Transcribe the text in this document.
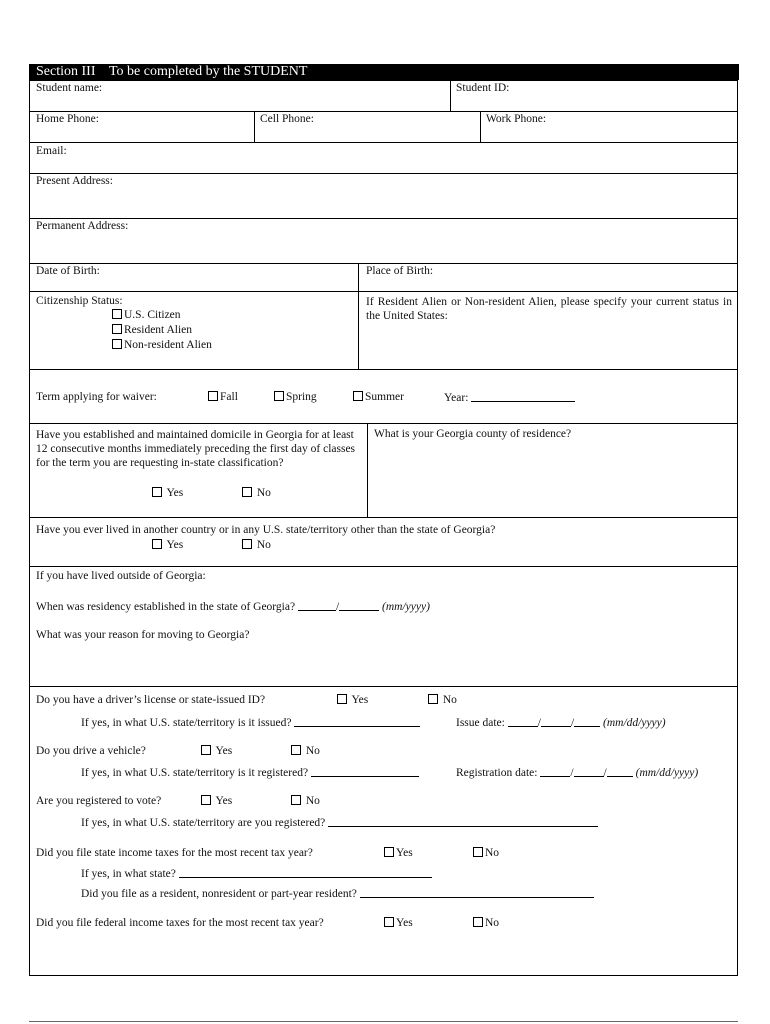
Section III To be completed by the STUDENT
Student name:	Student ID:
Home Phone:	Cell Phone:	Work Phone:
Email:
Present Address:
Permanent Address:
Date of Birth:	Place of Birth:
Citizenship Status:
U.S. Citizen
Resident Alien
Non-resident Alien
If Resident Alien or Non-resident Alien, please specify your current status in the United States:
Term applying for waiver:	Fall	Spring	Summer	Year:
Have you established and maintained domicile in Georgia for at least 12 consecutive months immediately preceding the first day of classes for the term you are requesting in-state classification?
Yes	No
What is your Georgia county of residence?
Have you ever lived in another country or in any U.S. state/territory other than the state of Georgia?
Yes	No
If you have lived outside of Georgia:
When was residency established in the state of Georgia?	/	(mm/yyyy)
What was your reason for moving to Georgia?
Do you have a driver’s license or state-issued ID?	Yes	No
If yes, in what U.S. state/territory is it issued?	Issue date:	/	/	(mm/dd/yyyy)
Do you drive a vehicle?	Yes	No
If yes, in what U.S. state/territory is it registered?	Registration date:	/	/	(mm/dd/yyyy)
Are you registered to vote?	Yes	No
If yes, in what U.S. state/territory are you registered?
Did you file state income taxes for the most recent tax year?	Yes	No
If yes, in what state?
Did you file as a resident, nonresident or part-year resident?
Did you file federal income taxes for the most recent tax year?	Yes	No
